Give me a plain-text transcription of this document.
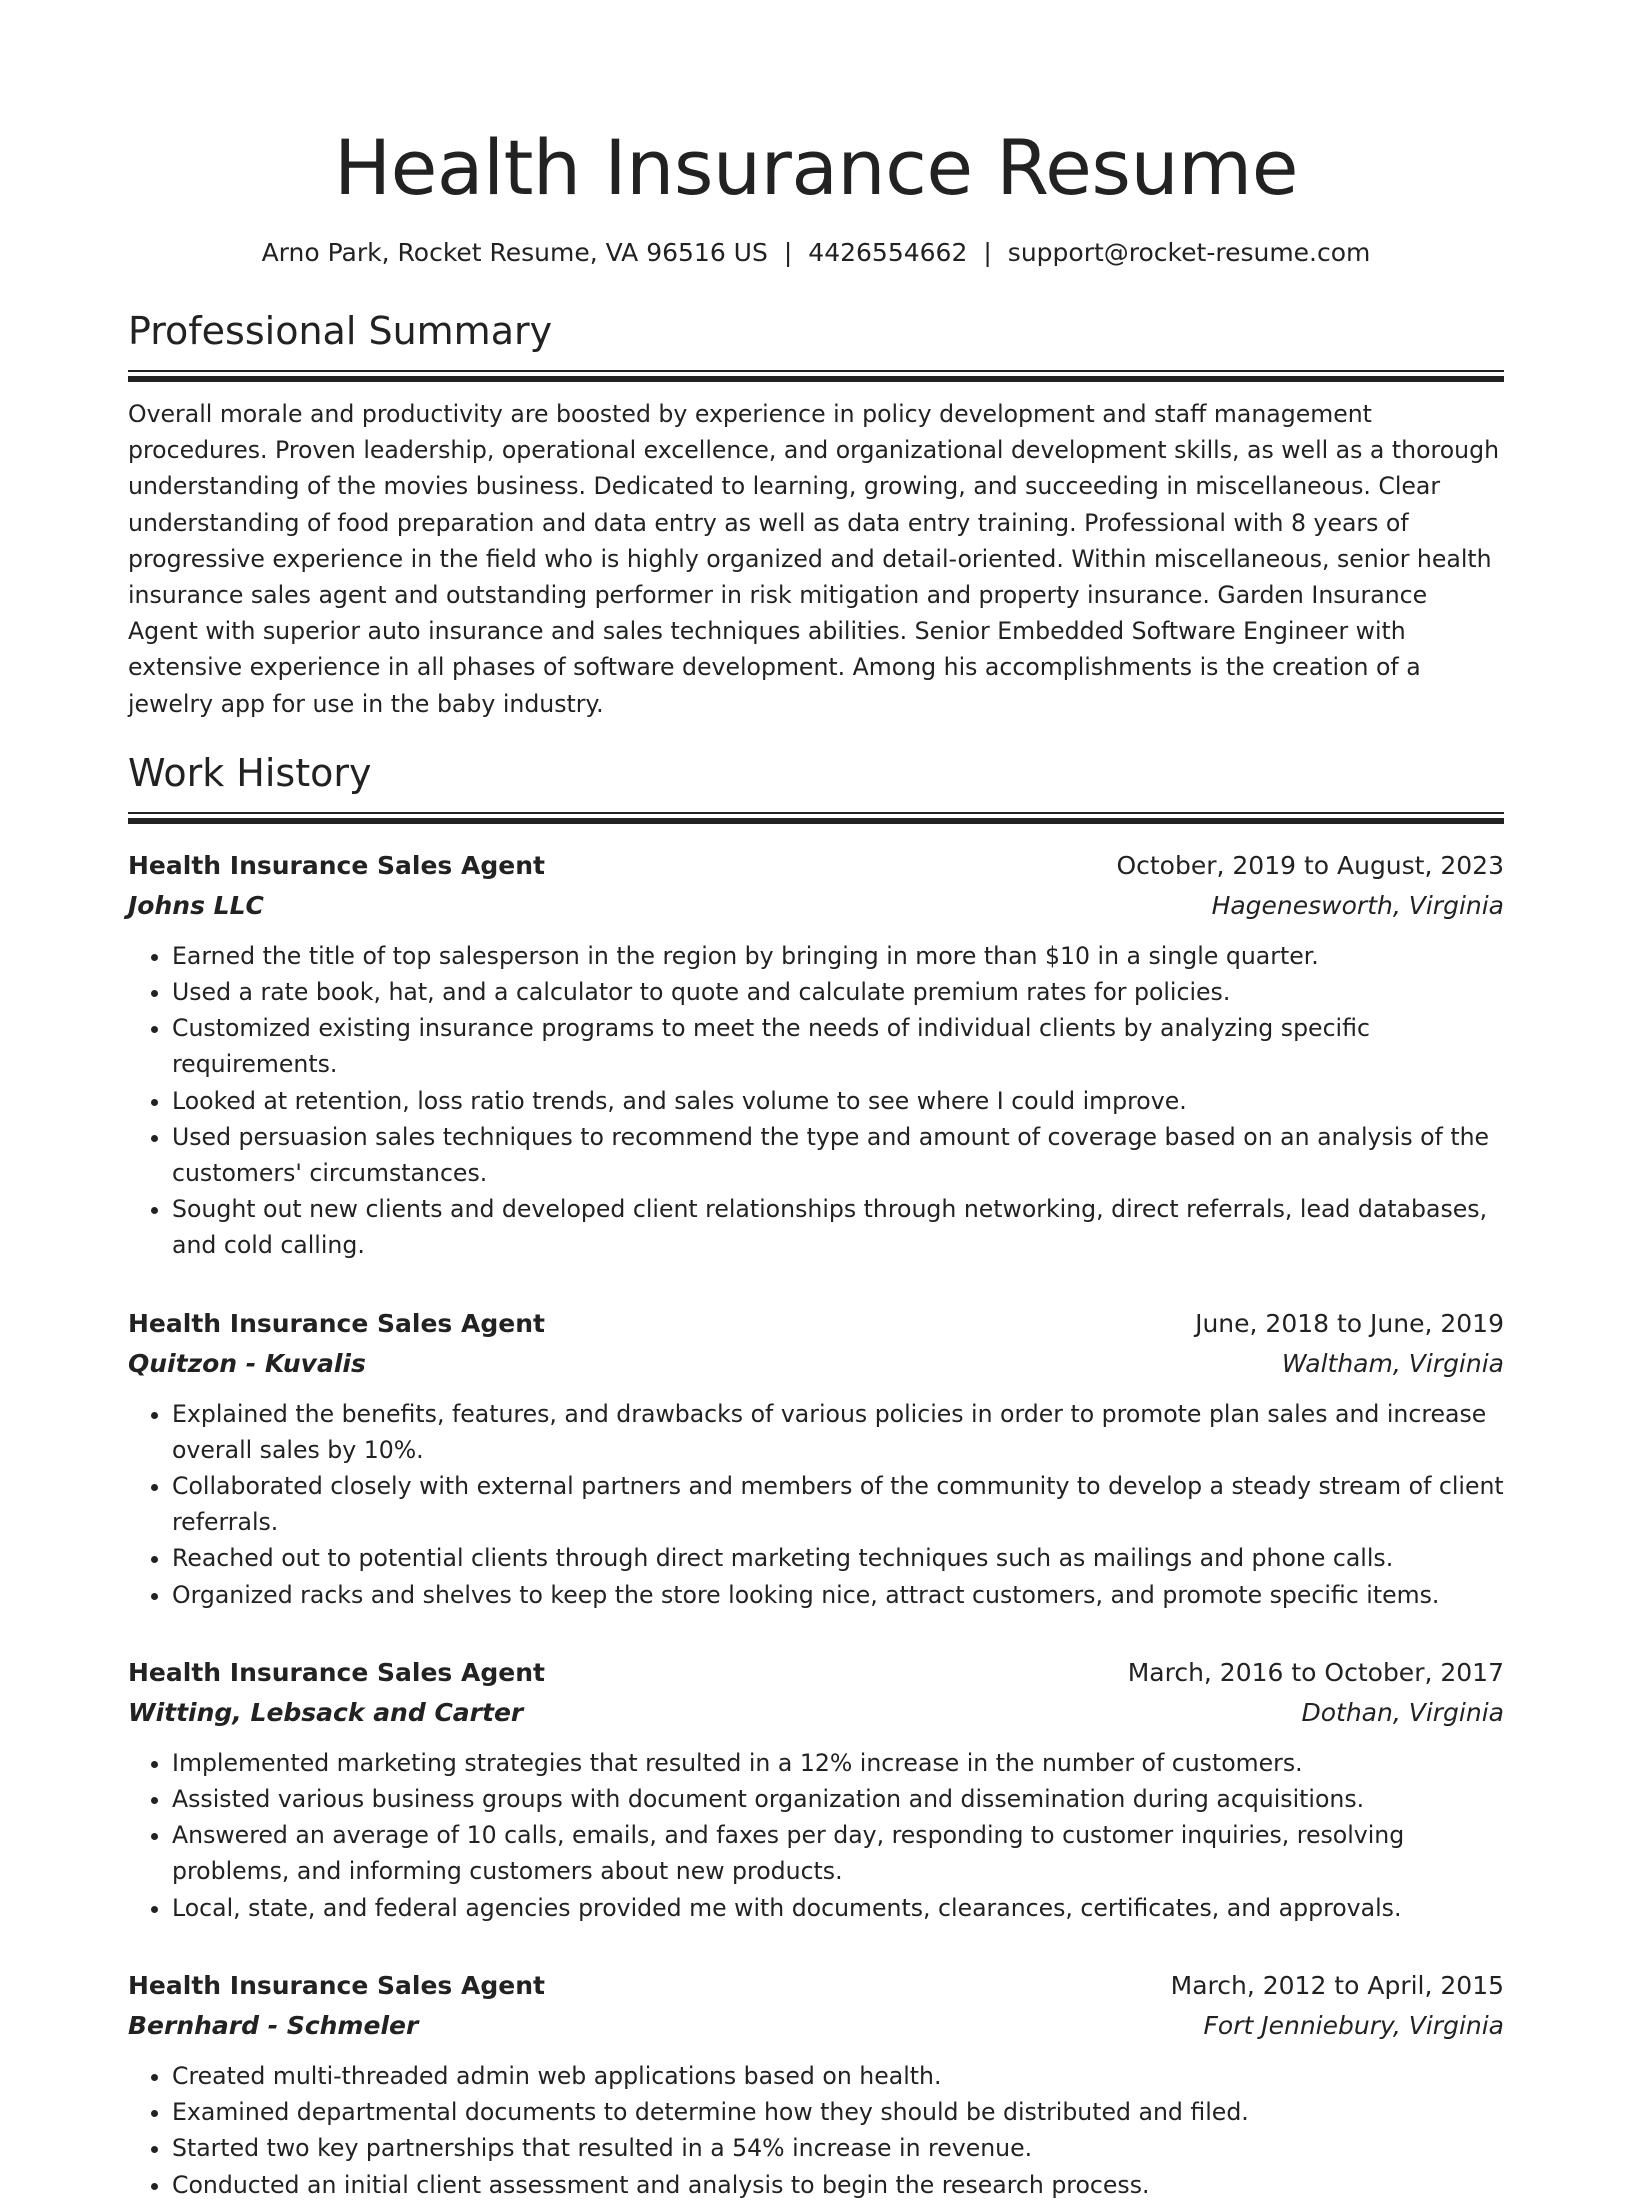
Health Insurance Resume
Arno Park, Rocket Resume, VA 96516 US | 4426554662 | support@rocket-resume.com
Professional Summary

Overall morale and productivity are boosted by experience in policy development and staff management procedures. Proven leadership, operational excellence, and organizational development skills, as well as a thorough understanding of the movies business. Dedicated to learning, growing, and succeeding in miscellaneous. Clear understanding of food preparation and data entry as well as data entry training. Professional with 8 years of progressive experience in the field who is highly organized and detail-oriented. Within miscellaneous, senior health insurance sales agent and outstanding performer in risk mitigation and property insurance. Garden Insurance Agent with superior auto insurance and sales techniques abilities. Senior Embedded Software Engineer with extensive experience in all phases of software development. Among his accomplishments is the creation of a jewelry app for use in the baby industry.

Work History
Health Insurance Sales Agent	October, 2019 to August, 2023
Johns LLC	Hagenesworth, Virginia
• Earned the title of top salesperson in the region by bringing in more than $10 in a single quarter.
• Used a rate book, hat, and a calculator to quote and calculate premium rates for policies.
• Customized existing insurance programs to meet the needs of individual clients by analyzing specific requirements.
• Looked at retention, loss ratio trends, and sales volume to see where I could improve.
• Used persuasion sales techniques to recommend the type and amount of coverage based on an analysis of the customers' circumstances.
• Sought out new clients and developed client relationships through networking, direct referrals, lead databases, and cold calling.
Health Insurance Sales Agent	June, 2018 to June, 2019
Quitzon - Kuvalis	Waltham, Virginia
• Explained the benefits, features, and drawbacks of various policies in order to promote plan sales and increase overall sales by 10%.
• Collaborated closely with external partners and members of the community to develop a steady stream of client referrals.
• Reached out to potential clients through direct marketing techniques such as mailings and phone calls.
• Organized racks and shelves to keep the store looking nice, attract customers, and promote specific items.
Health Insurance Sales Agent	March, 2016 to October, 2017
Witting, Lebsack and Carter	Dothan, Virginia
• Implemented marketing strategies that resulted in a 12% increase in the number of customers.
• Assisted various business groups with document organization and dissemination during acquisitions.
• Answered an average of 10 calls, emails, and faxes per day, responding to customer inquiries, resolving problems, and informing customers about new products.
• Local, state, and federal agencies provided me with documents, clearances, certificates, and approvals.
Health Insurance Sales Agent	March, 2012 to April, 2015
Bernhard - Schmeler	Fort Jenniebury, Virginia
• Created multi-threaded admin web applications based on health.
• Examined departmental documents to determine how they should be distributed and filed.
• Started two key partnerships that resulted in a 54% increase in revenue.
• Conducted an initial client assessment and analysis to begin the research process.
